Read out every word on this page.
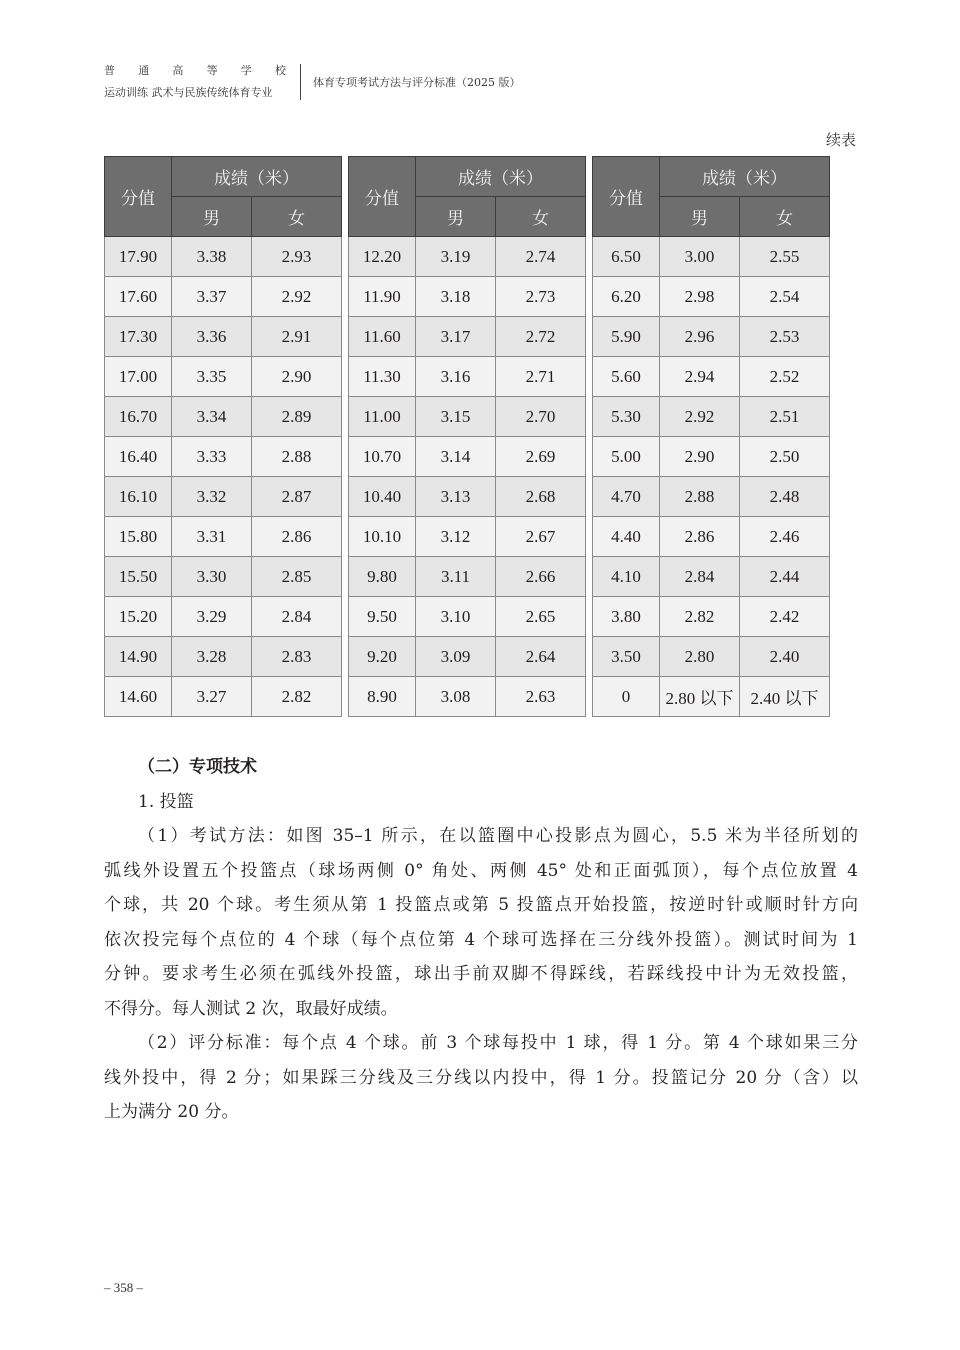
普 通 高 等 学 校
运动训练 武术与民族传统体育专业
体育专项考试方法与评分标准（2025 版）
续表
分值	成绩（米）	
	男	女
17.90	3.38	2.93
17.60	3.37	2.92
17.30	3.36	2.91
17.00	3.35	2.90
16.70	3.34	2.89
16.40	3.33	2.88
16.10	3.32	2.87
15.80	3.31	2.86
15.50	3.30	2.85
15.20	3.29	2.84
14.90	3.28	2.83
14.60	3.27	2.82
分值	成绩（米）	
	男	女
12.20	3.19	2.74
11.90	3.18	2.73
11.60	3.17	2.72
11.30	3.16	2.71
11.00	3.15	2.70
10.70	3.14	2.69
10.40	3.13	2.68
10.10	3.12	2.67
9.80	3.11	2.66
9.50	3.10	2.65
9.20	3.09	2.64
8.90	3.08	2.63
分值	成绩（米）	
	男	女
6.50	3.00	2.55
6.20	2.98	2.54
5.90	2.96	2.53
5.60	2.94	2.52
5.30	2.92	2.51
5.00	2.90	2.50
4.70	2.88	2.48
4.40	2.86	2.46
4.10	2.84	2.44
3.80	2.82	2.42
3.50	2.80	2.40
0	2.80 以下	2.40 以下

（二）专项技术

1. 投篮

（1）考试方法：如图 35–1 所示，在以篮圈中心投影点为圆心，5.5 米为半径所划的

弧线外设置五个投篮点（球场两侧 0° 角处、两侧 45° 处和正面弧顶），每个点位放置 4

个球，共 20 个球。考生须从第 1 投篮点或第 5 投篮点开始投篮，按逆时针或顺时针方向

依次投完每个点位的 4 个球（每个点位第 4 个球可选择在三分线外投篮）。测试时间为 1

分钟。要求考生必须在弧线外投篮，球出手前双脚不得踩线，若踩线投中计为无效投篮，

不得分。每人测试 2 次，取最好成绩。

（2）评分标准：每个点 4 个球。前 3 个球每投中 1 球，得 1 分。第 4 个球如果三分

线外投中，得 2 分；如果踩三分线及三分线以内投中，得 1 分。投篮记分 20 分（含）以

上为满分 20 分。

– 358 –
